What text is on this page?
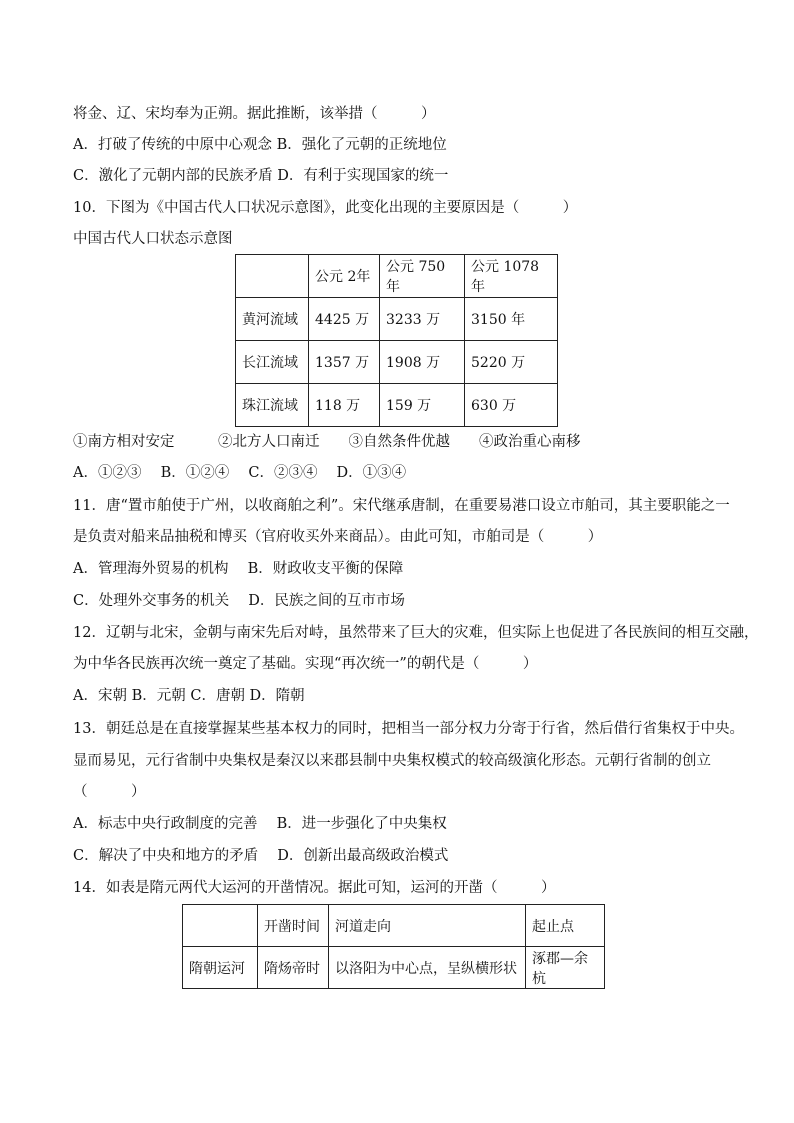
将金、辽、宋均奉为正朔。据此推断，该举措（　　　）
A．打破了传统的中原中心观念 B．强化了元朝的正统地位
C．激化了元朝内部的民族矛盾 D．有利于实现国家的统一
10．下图为《中国古代人口状况示意图》，此变化出现的主要原因是（　　　）
中国古代人口状态示意图
	公元 2年	公元 750 年	公元 1078 年
黄河流域	4425 万	3233 万	3150 年
长江流域	1357 万	1908 万	5220 万
珠江流域	118 万	159 万	630 万
①南方相对安定　　　②北方人口南迁　　③自然条件优越　　④政治重心南移
A．①②③　 B．①②④　 C．②③④　 D．①③④
11．唐“置市舶使于广州，以收商舶之利”。宋代继承唐制，在重要易港口设立市舶司，其主要职能之一
是负责对船来品抽税和博买（官府收买外来商品）。由此可知，市舶司是（　　　）
A．管理海外贸易的机构　 B．财政收支平衡的保障
C．处理外交事务的机关　 D．民族之间的互市市场
12．辽朝与北宋，金朝与南宋先后对峙，虽然带来了巨大的灾难，但实际上也促进了各民族间的相互交融，
为中华各民族再次统一奠定了基础。实现“再次统一”的朝代是（　　　）
A．宋朝 B．元朝 C．唐朝 D．隋朝
13．朝廷总是在直接掌握某些基本权力的同时，把相当一部分权力分寄于行省，然后借行省集权于中央。
显而易见，元行省制中央集权是秦汉以来郡县制中央集权模式的较高级演化形态。元朝行省制的创立
（　　　）
A．标志中央行政制度的完善　 B．进一步强化了中央集权
C．解决了中央和地方的矛盾　 D．创新出最高级政治模式
14．如表是隋元两代大运河的开凿情况。据此可知，运河的开凿（　　　）
	开凿时间	河道走向	起止点
隋朝运河	隋炀帝时	以洛阳为中心点，呈纵横形状	涿郡—余杭
